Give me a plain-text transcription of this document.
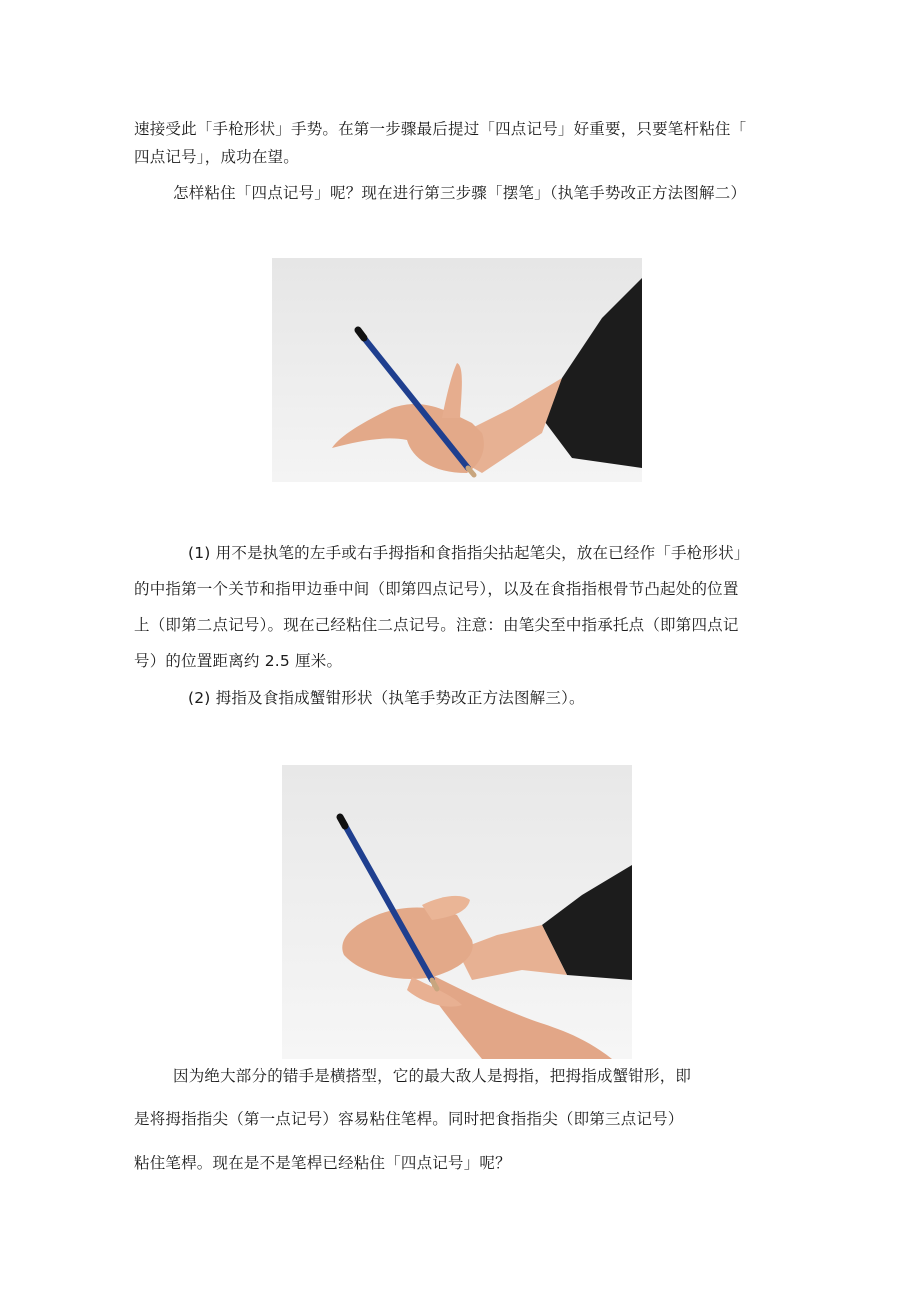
速接受此「手枪形状」手势。在第一步骤最后提过「四点记号」好重要，只要笔杆粘住「
四点记号」，成功在望。
怎样粘住「四点记号」呢？现在进行第三步骤「摆笔」（执笔手势改正方法图解二）
(1) 用不是执笔的左手或右手拇指和食指指尖拈起笔尖，放在已经作「手枪形状」
的中指第一个关节和指甲边垂中间（即第四点记号），以及在食指指根骨节凸起处的位置
上（即第二点记号）。现在己经粘住二点记号。注意：由笔尖至中指承托点（即第四点记
号）的位置距离约 2.5 厘米。
(2) 拇指及食指成蟹钳形状（执笔手势改正方法图解三）。
因为绝大部分的错手是横搭型，它的最大敌人是拇指，把拇指成蟹钳形，即
是将拇指指尖（第一点记号）容易粘住笔桿。同时把食指指尖（即第三点记号）
粘住笔桿。现在是不是笔桿已经粘住「四点记号」呢？
